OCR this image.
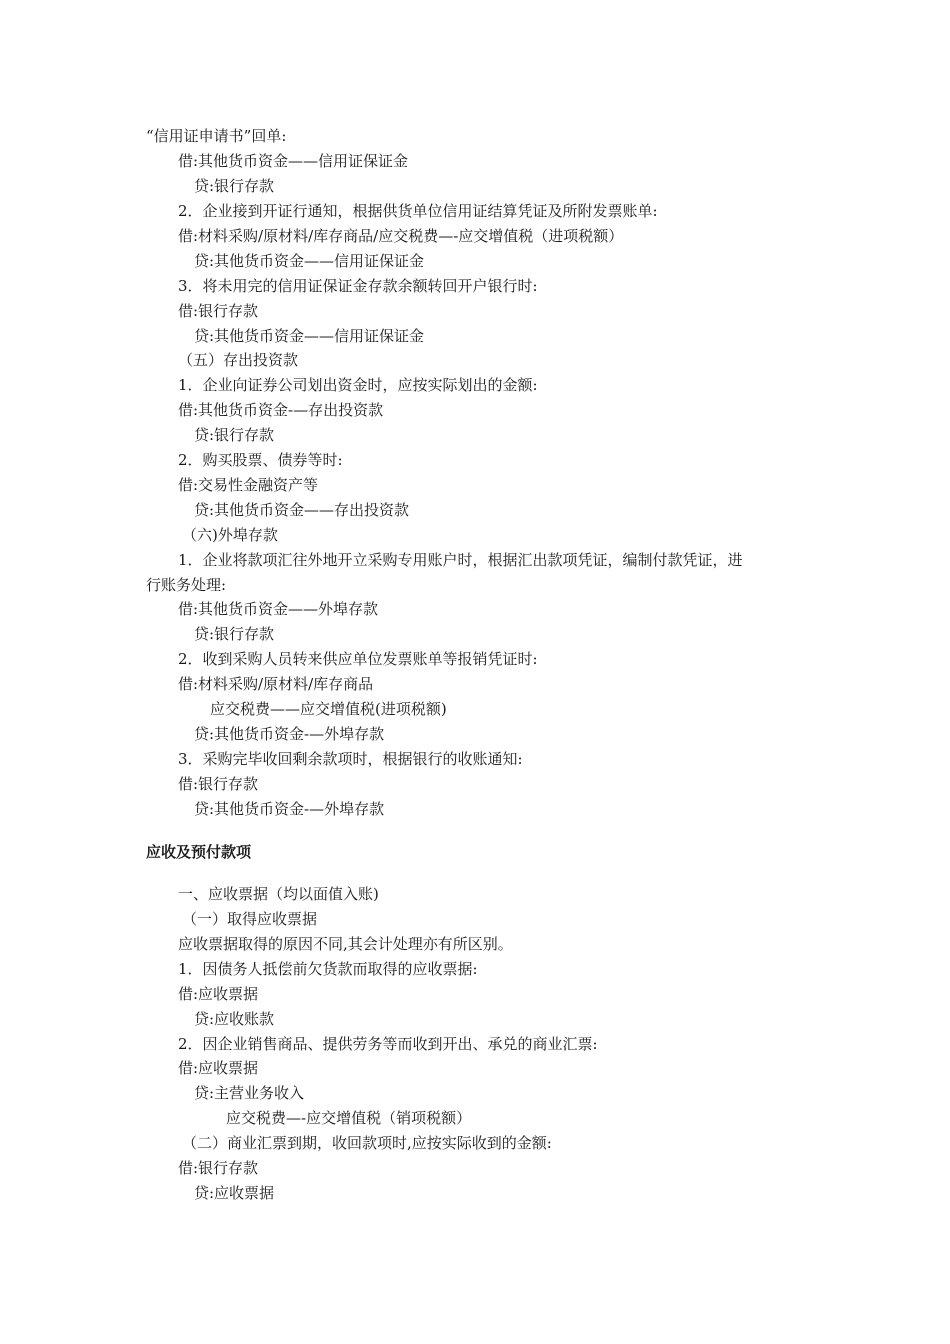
“信用证申请书”回单:
借:其他货币资金——信用证保证金
贷:银行存款
2．企业接到开证行通知，根据供货单位信用证结算凭证及所附发票账单:
借:材料采购/原材料/库存商品/应交税费—-应交增值税（进项税额）
贷:其他货币资金——信用证保证金
3．将未用完的信用证保证金存款余额转回开户银行时:
借:银行存款
贷:其他货币资金——信用证保证金
（五）存出投资款
1．企业向证券公司划出资金时，应按实际划出的金额:
借:其他货币资金-—存出投资款
贷:银行存款
2．购买股票、债券等时:
借:交易性金融资产等
贷:其他货币资金——存出投资款
（六)外埠存款
1．企业将款项汇往外地开立采购专用账户时，根据汇出款项凭证，编制付款凭证，进
行账务处理:
借:其他货币资金——外埠存款
贷:银行存款
2．收到采购人员转来供应单位发票账单等报销凭证时:
借:材料采购/原材料/库存商品
应交税费——应交增值税(进项税额)
贷:其他货币资金-—外埠存款
3．采购完毕收回剩余款项时，根据银行的收账通知:
借:银行存款
贷:其他货币资金-—外埠存款
应收及预付款项
一、应收票据（均以面值入账)
（一）取得应收票据
应收票据取得的原因不同,其会计处理亦有所区别。
1．因债务人抵偿前欠货款而取得的应收票据:
借:应收票据
贷:应收账款
2．因企业销售商品、提供劳务等而收到开出、承兑的商业汇票:
借:应收票据
贷:主营业务收入
应交税费—-应交增值税（销项税额）
（二）商业汇票到期，收回款项时,应按实际收到的金额:
借:银行存款
贷:应收票据
